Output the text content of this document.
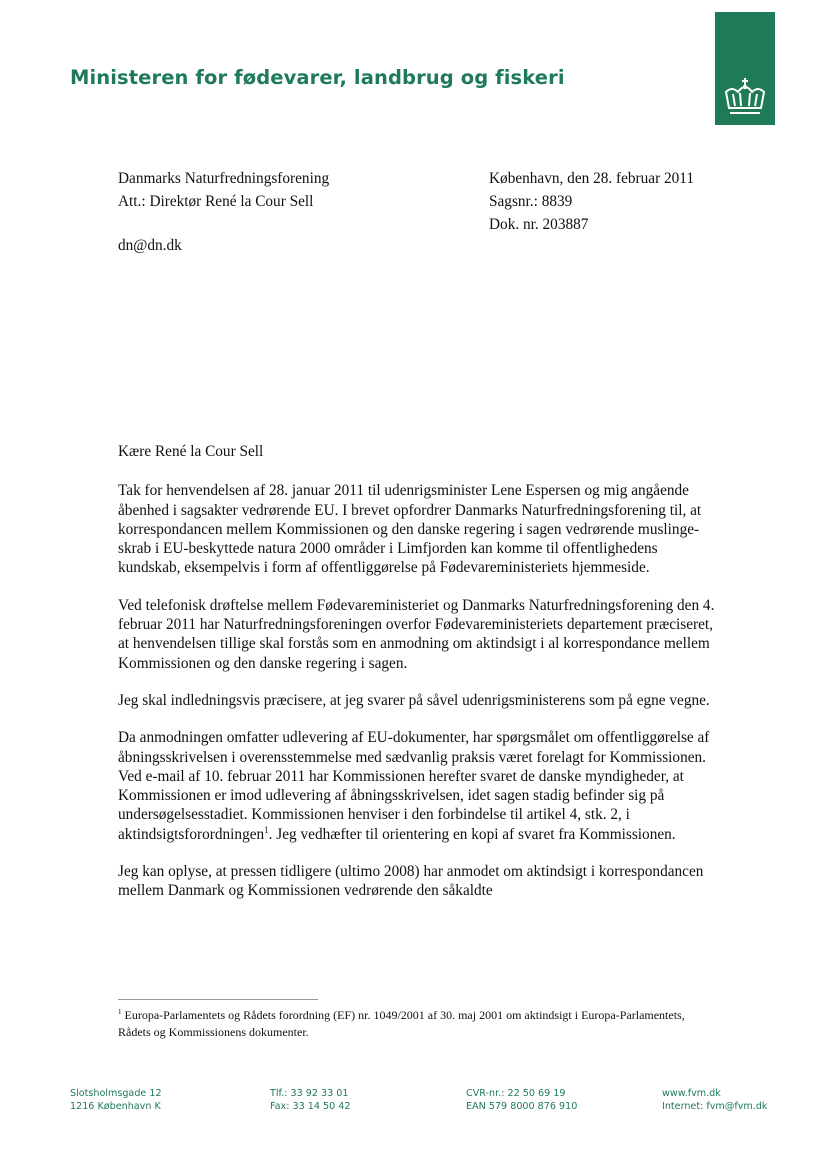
Ministeren for fødevarer, landbrug og fiskeri
Danmarks Naturfredningsforening
Att.: Direktør René la Cour Sell
København, den 28. februar 2011
Sagsnr.: 8839
Dok. nr. 203887
dn@dn.dk

Kære René la Cour Sell

Tak for henvendelsen af 28. januar 2011 til udenrigsminister Lene Espersen og mig angående åbenhed i sagsakter vedrørende EU. I brevet opfordrer Danmarks Naturfredningsforening til, at korrespondancen mellem Kommissionen og den danske regering i sagen vedrørende muslinge-skrab i EU-beskyttede natura 2000 områder i Limfjorden kan komme til offentlighedens kundskab, eksempelvis i form af offentliggørelse på Fødevareministeriets hjemmeside.

Ved telefonisk drøftelse mellem Fødevareministeriet og Danmarks Naturfredningsforening den 4. februar 2011 har Naturfredningsforeningen overfor Fødevareministeriets departement præciseret, at henvendelsen tillige skal forstås som en anmodning om aktindsigt i al korrespondance mellem Kommissionen og den danske regering i sagen.

Jeg skal indledningsvis præcisere, at jeg svarer på såvel udenrigsministerens som på egne vegne.

Da anmodningen omfatter udlevering af EU-dokumenter, har spørgsmålet om offentliggørelse af åbningsskrivelsen i overensstemmelse med sædvanlig praksis været forelagt for Kommissionen. Ved e-mail af 10. februar 2011 har Kommissionen herefter svaret de danske myndigheder, at Kommissionen er imod udlevering af åbningsskrivelsen, idet sagen stadig befinder sig på undersøgelsesstadiet. Kommissionen henviser i den forbindelse til artikel 4, stk. 2, i aktindsigtsforordningen$^1$. Jeg vedhæfter til orientering en kopi af svaret fra Kommissionen.

Jeg kan oplyse, at pressen tidligere (ultimo 2008) har anmodet om aktindsigt i korrespondancen mellem Danmark og Kommissionen vedrørende den såkaldte

$^1$ Europa-Parlamentets og Rådets forordning (EF) nr. 1049/2001 af 30. maj 2001 om aktindsigt i Europa-Parlamentets, Rådets og Kommissionens dokumenter.
Slotsholmsgade 12
1216 København K
Tlf.: 33 92 33 01
Fax: 33 14 50 42
CVR-nr.: 22 50 69 19
EAN 579 8000 876 910
www.fvm.dk
Internet: fvm@fvm.dk
